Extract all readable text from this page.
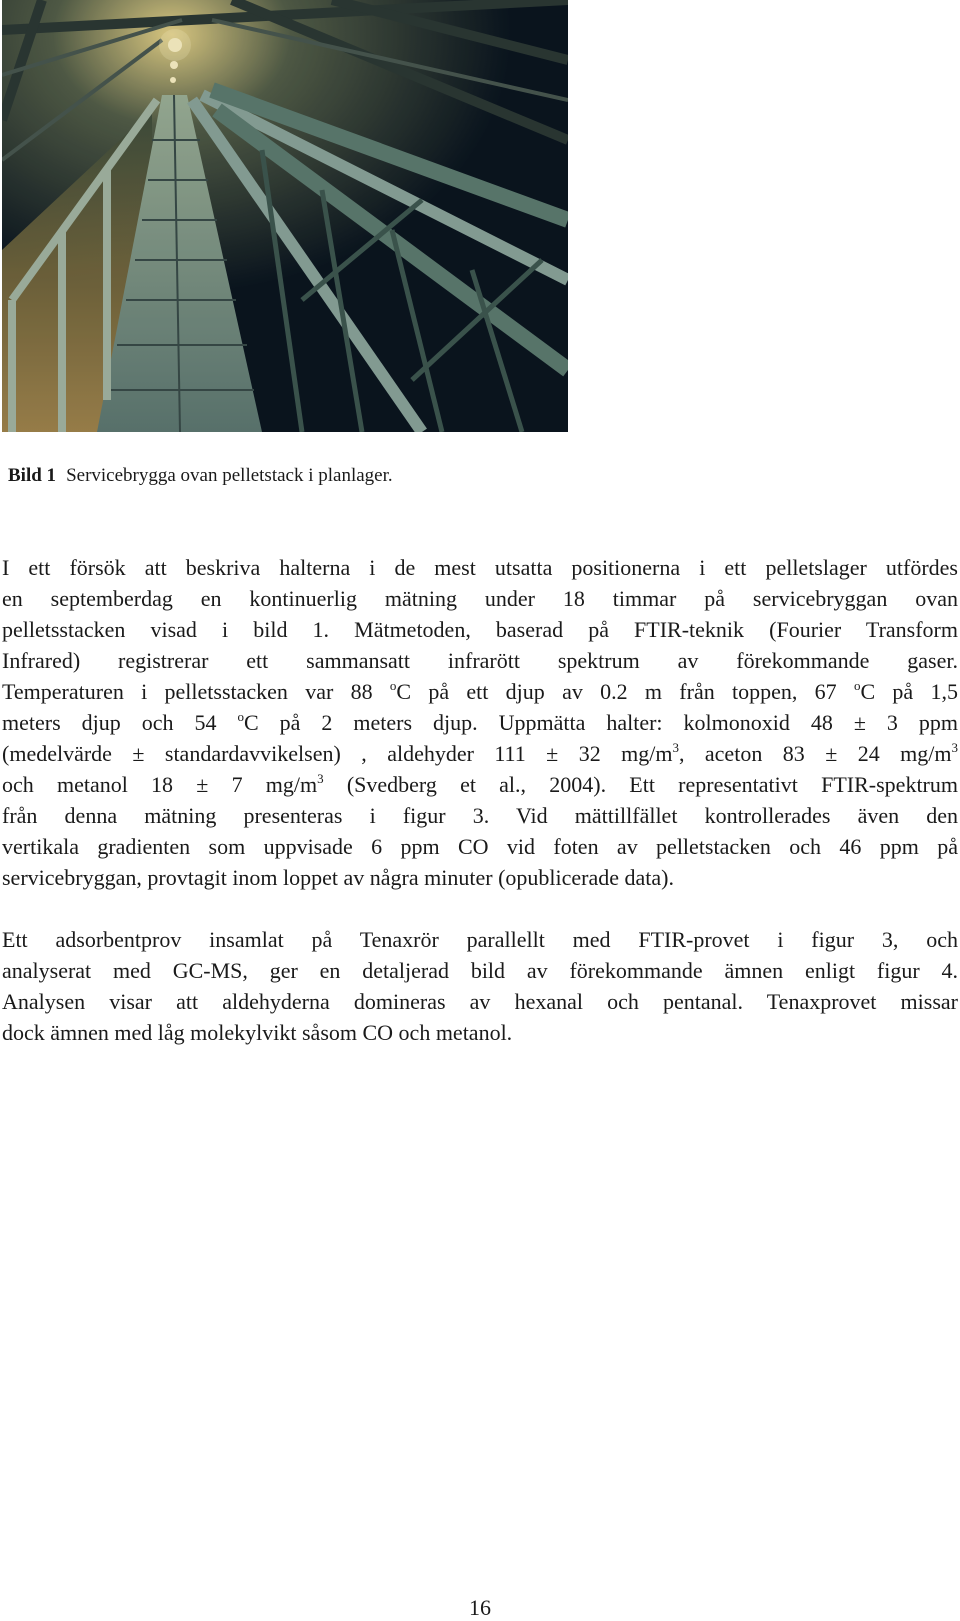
Bild 1 Servicebrygga ovan pelletstack i planlager.
I ett försök att beskriva halterna i de mest utsatta positionerna i ett pelletslager utfördes
en septemberdag en kontinuerlig mätning under 18 timmar på servicebryggan ovan
pelletsstacken visad i bild 1. Mätmetoden, baserad på FTIR-teknik (Fourier Transform
Infrared) registrerar ett sammansatt infrarött spektrum av förekommande gaser.
Temperaturen i pelletsstacken var 88 $^o$C på ett djup av 0.2 m från toppen, 67 $^o$C på 1,5
meters djup och 54 $^o$C på 2 meters djup. Uppmätta halter: kolmonoxid 48 ± 3 ppm
(medelvärde ± standardavvikelsen) , aldehyder 111 ± 32 $mg/m^3$, aceton 83 ± 24 $mg/m^3$
och metanol 18 ± 7 $mg/m^3$ (Svedberg et al., 2004). Ett representativt FTIR-spektrum
från denna mätning presenteras i figur 3. Vid mättillfället kontrollerades även den
vertikala gradienten som uppvisade 6 ppm CO vid foten av pelletstacken och 46 ppm på
servicebryggan, provtagit inom loppet av några minuter (opublicerade data).
Ett adsorbentprov insamlat på Tenaxrör parallellt med FTIR-provet i figur 3, och
analyserat med GC-MS, ger en detaljerad bild av förekommande ämnen enligt figur 4.
Analysen visar att aldehyderna domineras av hexanal och pentanal. Tenaxprovet missar
dock ämnen med låg molekylvikt såsom CO och metanol.
16
